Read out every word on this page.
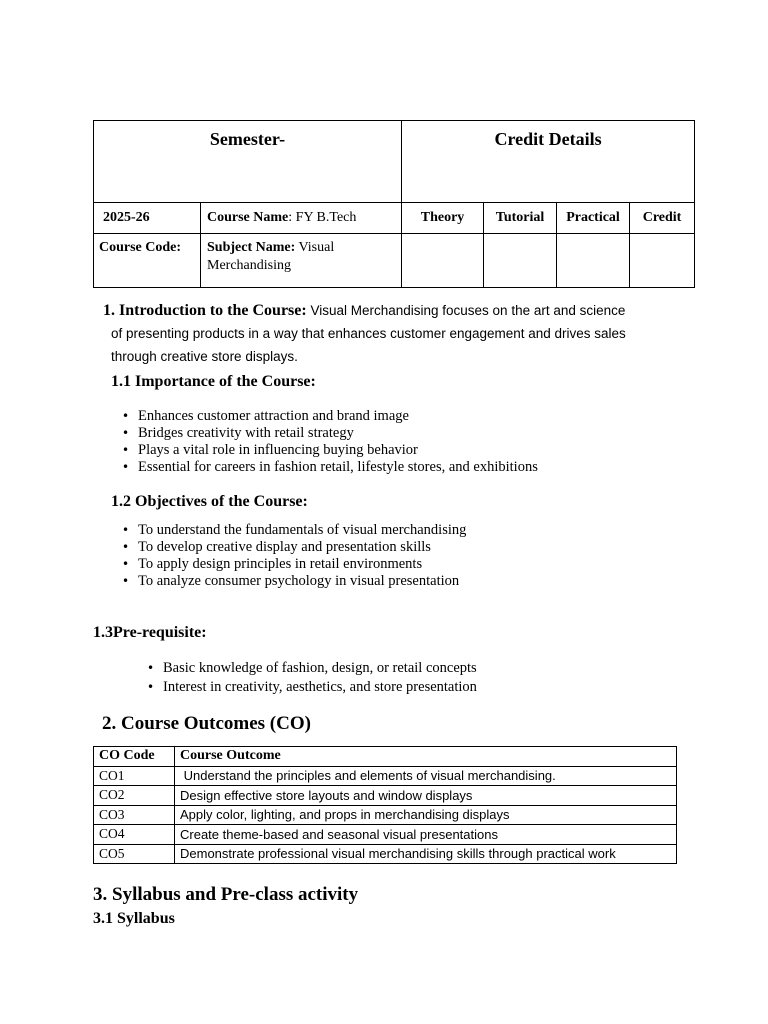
Semester-		Credit Details			
2025-26	Course Name: FY B.Tech	Theory	Tutorial	Practical	Credit
Course Code:	Subject Name: Visual Merchandising				
1. Introduction to the Course: Visual Merchandising focuses on the art and science
of presenting products in a way that enhances customer engagement and drives sales
through creative store displays.
1.1 Importance of the Course:
• Enhances customer attraction and brand image
• Bridges creativity with retail strategy
• Plays a vital role in influencing buying behavior
• Essential for careers in fashion retail, lifestyle stores, and exhibitions
1.2 Objectives of the Course:
• To understand the fundamentals of visual merchandising
• To develop creative display and presentation skills
• To apply design principles in retail environments
• To analyze consumer psychology in visual presentation
1.3Pre-requisite:
• Basic knowledge of fashion, design, or retail concepts
• Interest in creativity, aesthetics, and store presentation
2. Course Outcomes (CO)
CO Code	Course Outcome
CO1	Understand the principles and elements of visual merchandising.
CO2	Design effective store layouts and window displays
CO3	Apply color, lighting, and props in merchandising displays
CO4	Create theme-based and seasonal visual presentations
CO5	Demonstrate professional visual merchandising skills through practical work
3. Syllabus and Pre-class activity
3.1 Syllabus
